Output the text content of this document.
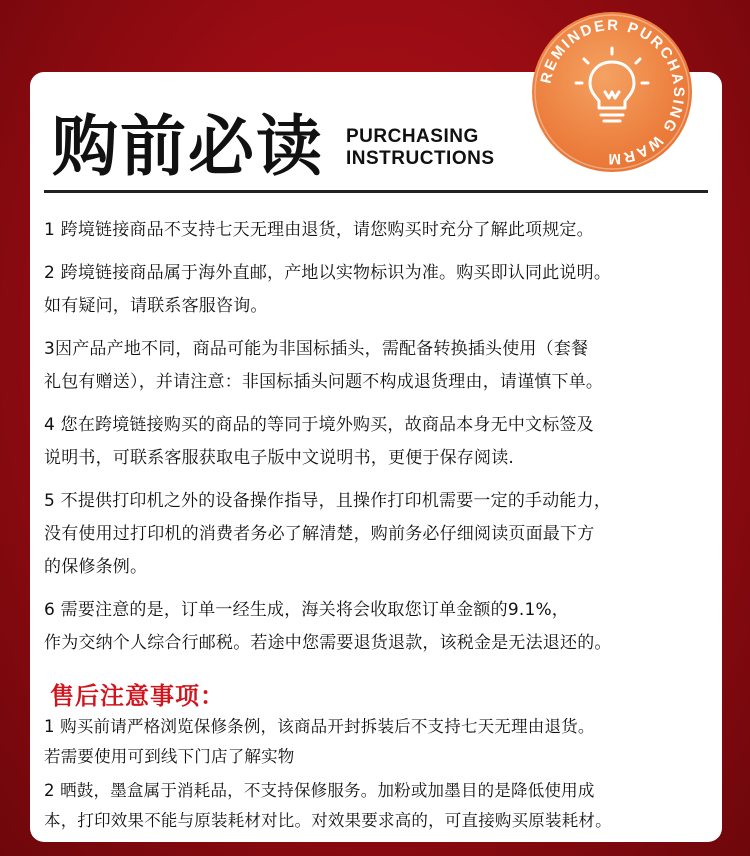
购前必读 PURCHASING
INSTRUCTIONS
1 跨境链接商品不支持七天无理由退货，请您购买时充分了解此项规定。
2 跨境链接商品属于海外直邮，产地以实物标识为准。购买即认同此说明。
如有疑问，请联系客服咨询。
3因产品产地不同，商品可能为非国标插头，需配备转换插头使用（套餐
礼包有赠送），并请注意：非国标插头问题不构成退货理由，请谨慎下单。
4 您在跨境链接购买的商品的等同于境外购买，故商品本身无中文标签及
说明书，可联系客服获取电子版中文说明书，更便于保存阅读.
5 不提供打印机之外的设备操作指导，且操作打印机需要一定的手动能力，
没有使用过打印机的消费者务必了解清楚，购前务必仔细阅读页面最下方
的保修条例。
6 需要注意的是，订单一经生成，海关将会收取您订单金额的9.1%，
作为交纳个人综合行邮税。若途中您需要退货退款，该税金是无法退还的。
售后注意事项：
1 购买前请严格浏览保修条例，该商品开封拆装后不支持七天无理由退货。
若需要使用可到线下门店了解实物
2 晒鼓，墨盒属于消耗品，不支持保修服务。加粉或加墨目的是降低使用成
本，打印效果不能与原装耗材对比。对效果要求高的，可直接购买原装耗材。
REMINDER PURCHASING WARM
